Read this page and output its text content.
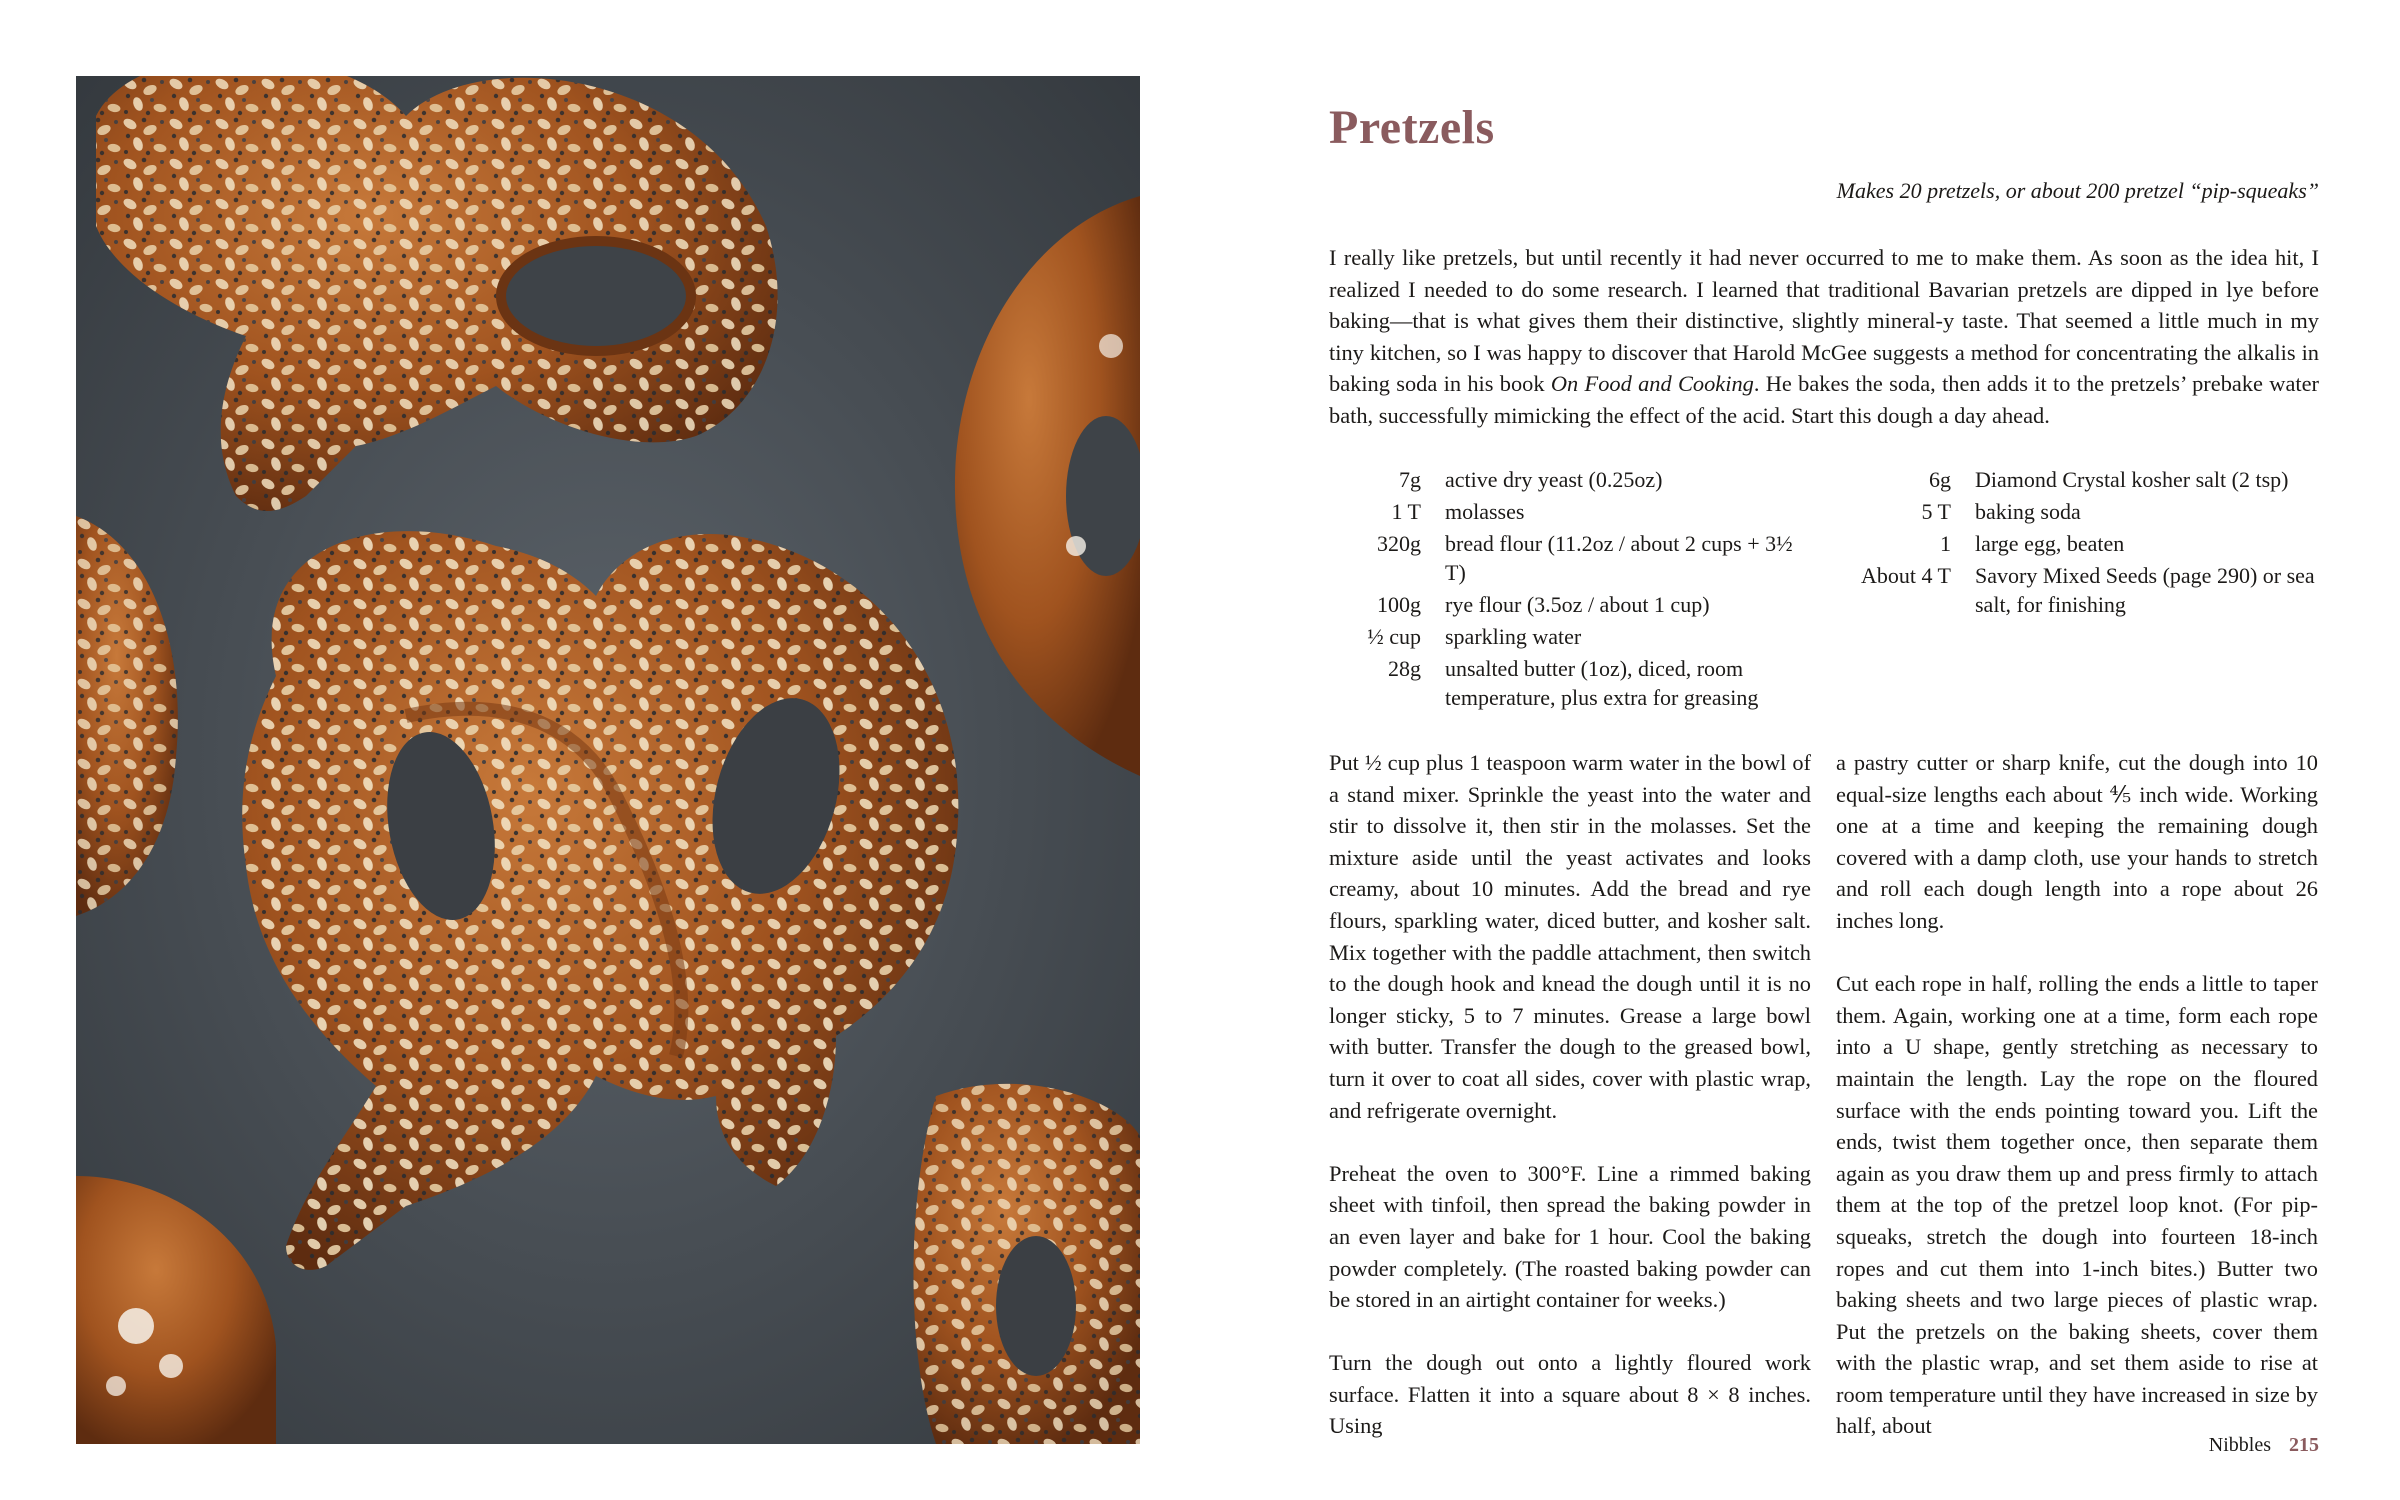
Pretzels

Makes 20 pretzels, or about 200 pretzel “pip-squeaks”

I really like pretzels, but until recently it had never occurred to me to make them. As soon as the idea hit, I realized I needed to do some research. I learned that traditional Bavarian pretzels are dipped in lye before baking—that is what gives them their distinctive, slightly mineral-y taste. That seemed a little much in my tiny kitchen, so I was happy to discover that Harold McGee suggests a method for concentrating the alkalis in baking soda in his book On Food and Cooking. He bakes the soda, then adds it to the pretzels’ prebake water bath, successfully mimicking the effect of the acid. Start this dough a day ahead.

7g	active dry yeast (0.25oz)
1 T	molasses
320g	bread flour (11.2oz / about 2 cups + 3½ T)
100g	rye flour (3.5oz / about 1 cup)
½ cup	sparkling water
28g	unsalted butter (1oz), diced, room temperature, plus extra for greasing
6g	Diamond Crystal kosher salt (2 tsp)
5 T	baking soda
1	large egg, beaten
About 4 T	Savory Mixed Seeds (page 290) or sea salt, for finishing

Put ½ cup plus 1 teaspoon warm water in the bowl of a stand mixer. Sprinkle the yeast into the water and stir to dissolve it, then stir in the molasses. Set the mixture aside until the yeast activates and looks creamy, about 10 minutes. Add the bread and rye flours, sparkling water, diced butter, and kosher salt. Mix together with the paddle attachment, then switch to the dough hook and knead the dough until it is no longer sticky, 5 to 7 minutes. Grease a large bowl with butter. Transfer the dough to the greased bowl, turn it over to coat all sides, cover with plastic wrap, and refrigerate overnight.

Preheat the oven to 300°F. Line a rimmed baking sheet with tinfoil, then spread the baking powder in an even layer and bake for 1 hour. Cool the baking powder completely. (The roasted baking powder can be stored in an airtight container for weeks.)

Turn the dough out onto a lightly floured work surface. Flatten it into a square about 8 × 8 inches. Using

a pastry cutter or sharp knife, cut the dough into 10 equal-size lengths each about ⅘ inch wide. Working one at a time and keeping the remaining dough covered with a damp cloth, use your hands to stretch and roll each dough length into a rope about 26 inches long.

Cut each rope in half, rolling the ends a little to taper them. Again, working one at a time, form each rope into a U shape, gently stretching as necessary to maintain the length. Lay the rope on the floured surface with the ends pointing toward you. Lift the ends, twist them together once, then separate them again as you draw them up and press firmly to attach them at the top of the pretzel loop knot. (For pip-squeaks, stretch the dough into fourteen 18-inch ropes and cut them into 1-inch bites.) Butter two baking sheets and two large pieces of plastic wrap. Put the pretzels on the baking sheets, cover them with the plastic wrap, and set them aside to rise at room temperature until they have increased in size by half, about

Nibbles 215
